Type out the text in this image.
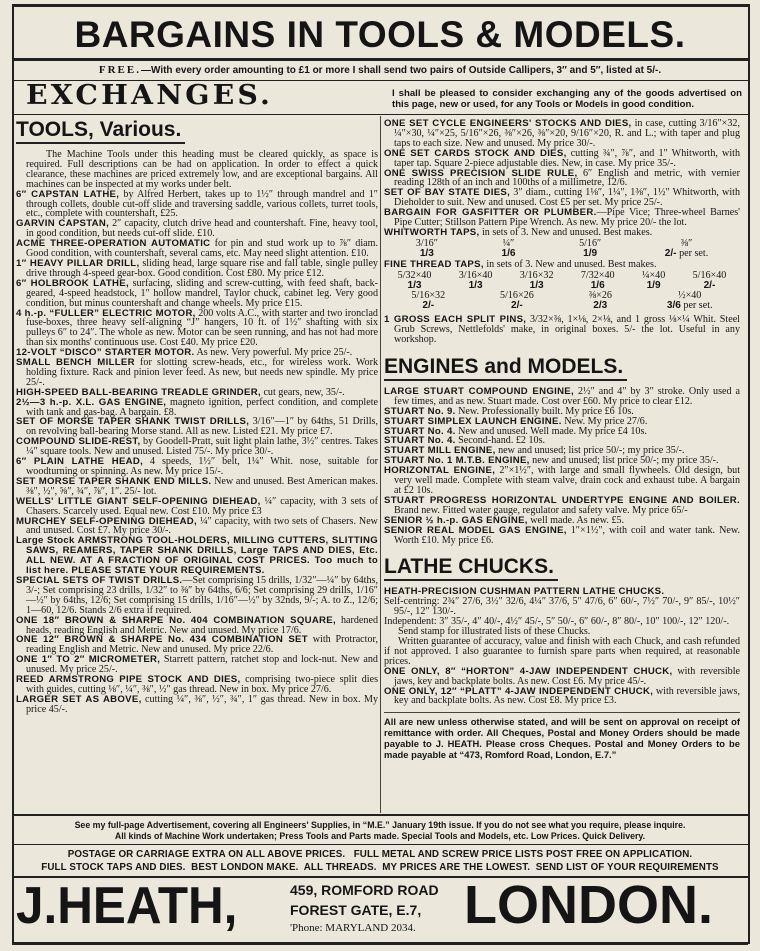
BARGAINS IN TOOLS & MODELS.
FREE.—With every order amounting to £1 or more I shall send two pairs of Outside Callipers, 3″ and 5″, listed at 5/-.
EXCHANGES.	I shall be pleased to consider exchanging any of the goods advertised on this page, new or used, for any Tools or Models in good condition.
TOOLS, Various.

The Machine Tools under this heading must be cleared quickly, as space is required. Full descriptions can be had on application. In order to effect a quick clearance, these machines are priced extremely low, and are exceptional bargains. All machines can be inspected at my works under belt.

6″ CAPSTAN LATHE, by Alfred Herbert, takes up to 1½″ through mandrel and 1″ through collets, double cut-off slide and traversing saddle, various collets, turret tools, etc., complete with countershaft, £25.

GARVIN CAPSTAN, 2″ capacity, clutch drive head and countershaft. Fine, heavy tool, in good condition, but needs cut-off slide. £10.

ACME THREE-OPERATION AUTOMATIC for pin and stud work up to ⅞″ diam. Good condition, with countershaft, several cams, etc. May need slight attention. £10.

1″ HEAVY PILLAR DRILL, sliding head, large square rise and fall table, single pulley drive through 4-speed gear-box. Good condition. Cost £80. My price £12.

6″ HOLBROOK LATHE, surfacing, sliding and screw-cutting, with feed shaft, back-geared, 4-speed headstock, 1″ hollow mandrel, Taylor chuck, cabinet leg. Very good condition, but minus countershaft and change wheels. My price £15.

4 h.-p. “FULLER” ELECTRIC MOTOR, 200 volts A.C., with starter and two ironclad fuse-boxes, three heavy self-aligning “J” hangers, 10 ft. of 1½″ shafting with six pulleys 6″ to 24″. The whole as new. Motor can be seen running, and has not had more than six months' continuous use. Cost £40. My price £20.

12-VOLT “DISCO” STARTER MOTOR. As new. Very powerful. My price 25/-.

SMALL BENCH MILLER for slotting screw-heads, etc., for wireless work. Work holding fixture. Rack and pinion lever feed. As new, but needs new spindle. My price 25/-.

HIGH-SPEED BALL-BEARING TREADLE GRINDER, cut gears, new, 35/-.

2½—3 h.-p. X.L. GAS ENGINE, magneto ignition, perfect condition, and complete with tank and gas-bag. A bargain. £8.

SET OF MORSE TAPER SHANK TWIST DRILLS, 3/16″—1″ by 64ths, 51 Drills, on revolving ball-bearing Morse stand. All as new. Listed £21. My price £7.

COMPOUND SLIDE-REST, by Goodell-Pratt, suit light plain lathe, 3½″ centres. Takes ¼″ square tools. New and unused. Listed 75/-. My price 30/-.

6″ PLAIN LATHE HEAD, 4 speeds, 1½″ belt, 1¼″ Whit. nose, suitable for woodturning or spinning. As new. My price 15/-.

SET MORSE TAPER SHANK END MILLS. New and unused. Best American makes. ⅜″, ½″, ⅝″, ¾″, ⅞″, 1″. 25/- lot.

WELLS' LITTLE GIANT SELF-OPENING DIEHEAD, ¼″ capacity, with 3 sets of Chasers. Scarcely used. Equal new. Cost £10. My price £3

MURCHEY SELF-OPENING DIEHEAD, ¼″ capacity, with two sets of Chasers. New and unused. Cost £7. My price 30/-.

Large Stock ARMSTRONG TOOL-HOLDERS, MILLING CUTTERS, SLITTING SAWS, REAMERS, TAPER SHANK DRILLS, Large TAPS AND DIES, Etc. ALL NEW. AT A FRACTION OF ORIGINAL COST PRICES. Too much to list here. PLEASE STATE YOUR REQUIREMENTS.

SPECIAL SETS OF TWIST DRILLS.—Set comprising 15 drills, 1/32″—¼″ by 64ths, 3/-; Set comprising 23 drills, 1/32″ to ⅜″ by 64ths, 6/6; Set comprising 29 drills, 1/16″—½″ by 64ths, 12/6; Set comprising 15 drills, 1/16″—½″ by 32nds, 9/-; A. to Z., 12/6; 1—60, 12/6. Stands 2/6 extra if required.

ONE 18″ BROWN & SHARPE No. 404 COMBINATION SQUARE, hardened heads, reading English and Metric. New and unused. My price 17/6.

ONE 12″ BROWN & SHARPE No. 434 COMBINATION SET with Protractor, reading English and Metric. New and unused. My price 22/6.

ONE 1″ TO 2″ MICROMETER, Starrett pattern, ratchet stop and lock-nut. New and unused. My price 25/-.

REED ARMSTRONG PIPE STOCK AND DIES, comprising two-piece split dies with guides, cutting ⅛″, ¼″, ⅜″, ½″ gas thread. New in box. My price 27/6.

LARGER SET AS ABOVE, cutting ¼″, ⅜″, ½″, ¾″, 1″ gas thread. New in box. My price 45/-.

ONE SET CYCLE ENGINEERS' STOCKS AND DIES, in case, cutting 3/16″×32, ¼″×30, ¼″×25, 5/16″×26, ⅜″×26, ⅜″×20, 9/16″×20, R. and L.; with taper and plug taps to each size. New and unused. My price 30/-.

ONE SET CARDS STOCK AND DIES, cutting ¾″, ⅞″, and 1″ Whitworth, with taper tap. Square 2-piece adjustable dies. New, in case. My price 35/-.

ONE SWISS PRECISION SLIDE RULE, 6″ English and metric, with vernier reading 128th of an inch and 100ths of a millimetre, 12/6.

SET OF BAY STATE DIES, 3″ diam., cutting 1⅛″, 1¼″, 1⅜″, 1½″ Whitworth, with Dieholder to suit. New and unused. Cost £5 per set. My price 25/-.

BARGAIN FOR GASFITTER OR PLUMBER.—Pipe Vice; Three-wheel Barnes' Pipe Cutter; Stillson Pattern Pipe Wrench. As new. My price 20/- the lot.

WHITWORTH TAPS, in sets of 3. New and unused. Best makes.

3/16″
1/3
¼″
1/6
5/16″
1/9
⅜″
2/- per set.

FINE THREAD TAPS, in sets of 3. New and unused. Best makes.

5/32×40
1/3
3/16×40
1/3
3/16×32
1/3
7/32×40
1/6
¼×40
1/9
5/16×40
2/-
5/16×32
2/-
5/16×26
2/-
⅜×26
2/3
½×40
3/6 per set.

1 GROSS EACH SPLIT PINS, 3/32×⅜, 1×⅛, 2×⅛, and 1 gross ⅛×¼ Whit. Steel Grub Screws, Nettlefolds' make, in original boxes. 5/- the lot. Useful in any workshop.

ENGINES and MODELS.

LARGE STUART COMPOUND ENGINE, 2½″ and 4″ by 3″ stroke. Only used a few times, and as new. Stuart made. Cost over £60. My price to clear £12.

STUART No. 9. New. Professionally built. My price £6 10s.

STUART SIMPLEX LAUNCH ENGINE. New. My price 27/6.

STUART No. 4. New and unused. Well made. My price £4 10s.

STUART No. 4. Second-hand. £2 10s.

STUART MILL ENGINE, new and unused; list price 50/-; my price 35/-.

STUART No. 1 M.T.B. ENGINE, new and unused; list price 50/-; my price 35/-.

HORIZONTAL ENGINE, 2″×1½″, with large and small flywheels. Old design, but very well made. Complete with steam valve, drain cock and exhaust tube. A bargain at £2 10s.

STUART PROGRESS HORIZONTAL UNDERTYPE ENGINE AND BOILER. Brand new. Fitted water gauge, regulator and safety valve. My price 65/-

SENIOR ½ h.-p. GAS ENGINE, well made. As new. £5.

SENIOR REAL MODEL GAS ENGINE, 1″×1½″, with coil and water tank. New. Worth £10. My price £6.

LATHE CHUCKS.

HEATH-PRECISION CUSHMAN PATTERN LATHE CHUCKS.

Self-centring: 2¾″ 27/6, 3½″ 32/6, 4¼″ 37/6, 5″ 47/6, 6″ 60/-, 7½″ 70/-, 9″ 85/-, 10½″ 95/-, 12″ 130/-.

Independent: 3″ 35/-, 4″ 40/-, 4½″ 45/-, 5″ 50/-, 6″ 60/-, 8″ 80/-, 10″ 100/-, 12″ 120/-.

Send stamp for illustrated lists of these Chucks.

Written guarantee of accuracy, value and finish with each Chuck, and cash refunded if not approved. I also guarantee to furnish spare parts when required, at reasonable prices.

ONE ONLY, 8″ “HORTON” 4-JAW INDEPENDENT CHUCK, with reversible jaws, key and backplate bolts. As new. Cost £6. My price 45/-.

ONE ONLY, 12″ “PLATT” 4-JAW INDEPENDENT CHUCK, with reversible jaws, key and backplate bolts. As new. Cost £8. My price £3.

All are new unless otherwise stated, and will be sent on approval on receipt of remittance with order. All Cheques, Postal and Money Orders should be made payable to J. HEATH. Please cross Cheques. Postal and Money Orders to be made payable at “473, Romford Road, London, E.7.”
See my full-page Advertisement, covering all Engineers' Supplies, in “M.E.” January 19th issue. If you do not see what you require, please inquire.
All kinds of Machine Work undertaken; Press Tools and Parts made. Special Tools and Models, etc. Low Prices. Quick Delivery.
POSTAGE OR CARRIAGE EXTRA ON ALL ABOVE PRICES.   FULL METAL AND SCREW PRICE LISTS POST FREE ON APPLICATION.
FULL STOCK TAPS AND DIES.  BEST LONDON MAKE.  ALL THREADS.  MY PRICES ARE THE LOWEST.  SEND LIST OF YOUR REQUIREMENTS
J.HEATH,	459, ROMFORD ROAD
FOREST GATE, E.7,
'Phone: MARYLAND 2034. LONDON.
